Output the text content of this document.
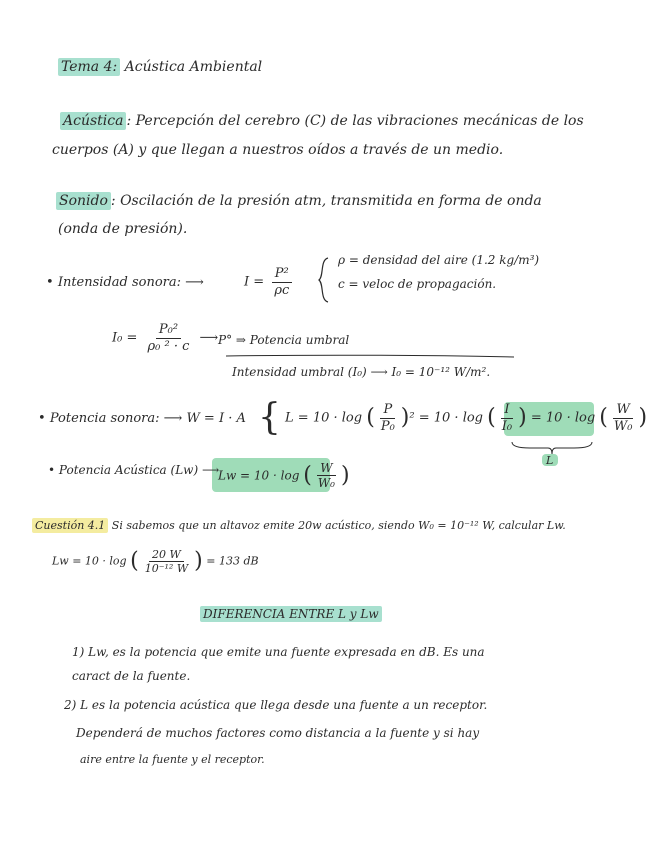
Tema 4: Acústica Ambiental
Acústica : Percepción del cerebro (C) de las vibraciones mecánicas de los
cuerpos (A) y que llegan a nuestros oídos a través de un medio.
Sonido : Oscilación de la presión atm, transmitida en forma de onda
(onda de presión).
• Intensidad sonora: ⟶	$I = \frac{\text{P²}}{\rho c}$
ρ = densidad del aire (1.2 kg/m³)
c = veloc de propagación.
$I_0 = \frac{\text{P₀²}}{\text{ρ₀ ² · c}}$ ⟶ P° ⇒ Potencia umbral
Intensidad umbral (I₀) ⟶ I₀ = 10⁻¹² W/m².
• Potencia sonora: ⟶ W = I · A { L = 10 · log ( $\frac{P}{\text{P₀}} )^2 = 10 \cdot \log$ ( $\frac{I}{\text{I₀}}$ ) = 10 · log ( $\frac{W}{\text{W₀}}$ )
L
• Potencia Acústica (Lw) ⟶
Lw = 10 · log ( $\frac{W}{\text{W₀}}$ )
Cuestión 4.1 Si sabemos que un altavoz emite 20w acústico, siendo W₀ = 10⁻¹² W, calcular Lw.
Lw = 10 · log ( $\frac{20 W}{\text{10⁻¹² W}}$ ) = 133 dB
DIFERENCIA ENTRE L y Lw
1) Lw, es la potencia que emite una fuente expresada en dB. Es una
caract de la fuente.
2) L es la potencia acústica que llega desde una fuente a un receptor.
Dependerá de muchos factores como distancia a la fuente y si hay
aire entre la fuente y el receptor.
